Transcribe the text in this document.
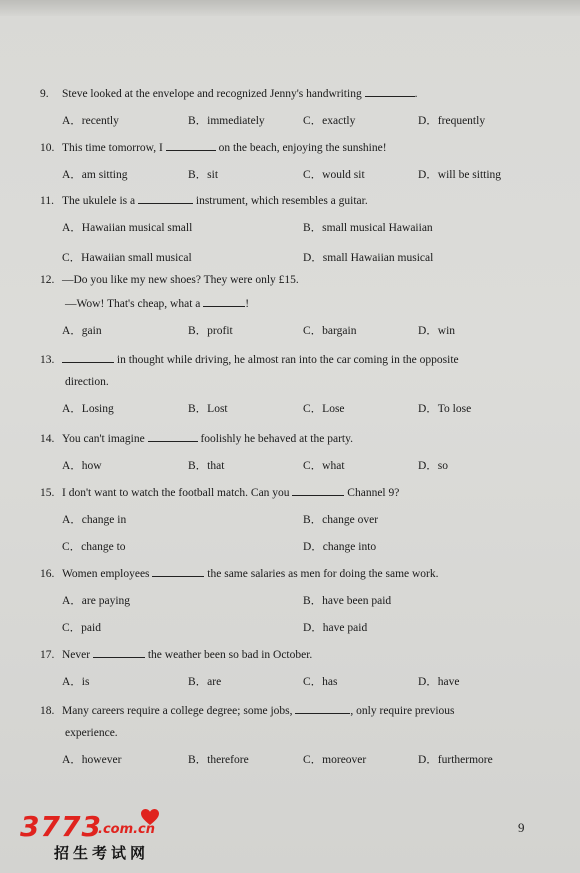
9. Steve looked at the envelope and recognized Jenny's handwriting	.
A．recently	B．immediately	C．exactly	D．frequently
10. This time tomorrow, I	on the beach, enjoying the sunshine!
A．am sitting	B．sit	C．would sit	D．will be sitting
11. The ukulele is a	instrument, which resembles a guitar.
A．Hawaiian musical small	B．small musical Hawaiian
C．Hawaiian small musical	D．small Hawaiian musical
12. —Do you like my new shoes? They were only £15.
—Wow! That's cheap, what a	!
A．gain	B．profit	C．bargain	D．win
13.	in thought while driving, he almost ran into the car coming in the opposite
direction.
A．Losing	B．Lost	C．Lose	D．To lose
14. You can't imagine	foolishly he behaved at the party.
A．how	B．that	C．what	D．so
15. I don't want to watch the football match. Can you	Channel 9?
A．change in	B．change over
C．change to	D．change into
16. Women employees	the same salaries as men for doing the same work.
A．are paying	B．have been paid
C．paid	D．have paid
17. Never	the weather been so bad in October.
A．is	B．are	C．has	D．have
18. Many careers require a college degree; some jobs,	, only require previous
experience.
A．however	B．therefore	C．moreover	D．furthermore
9
3773
.com.cn
招生考试网
